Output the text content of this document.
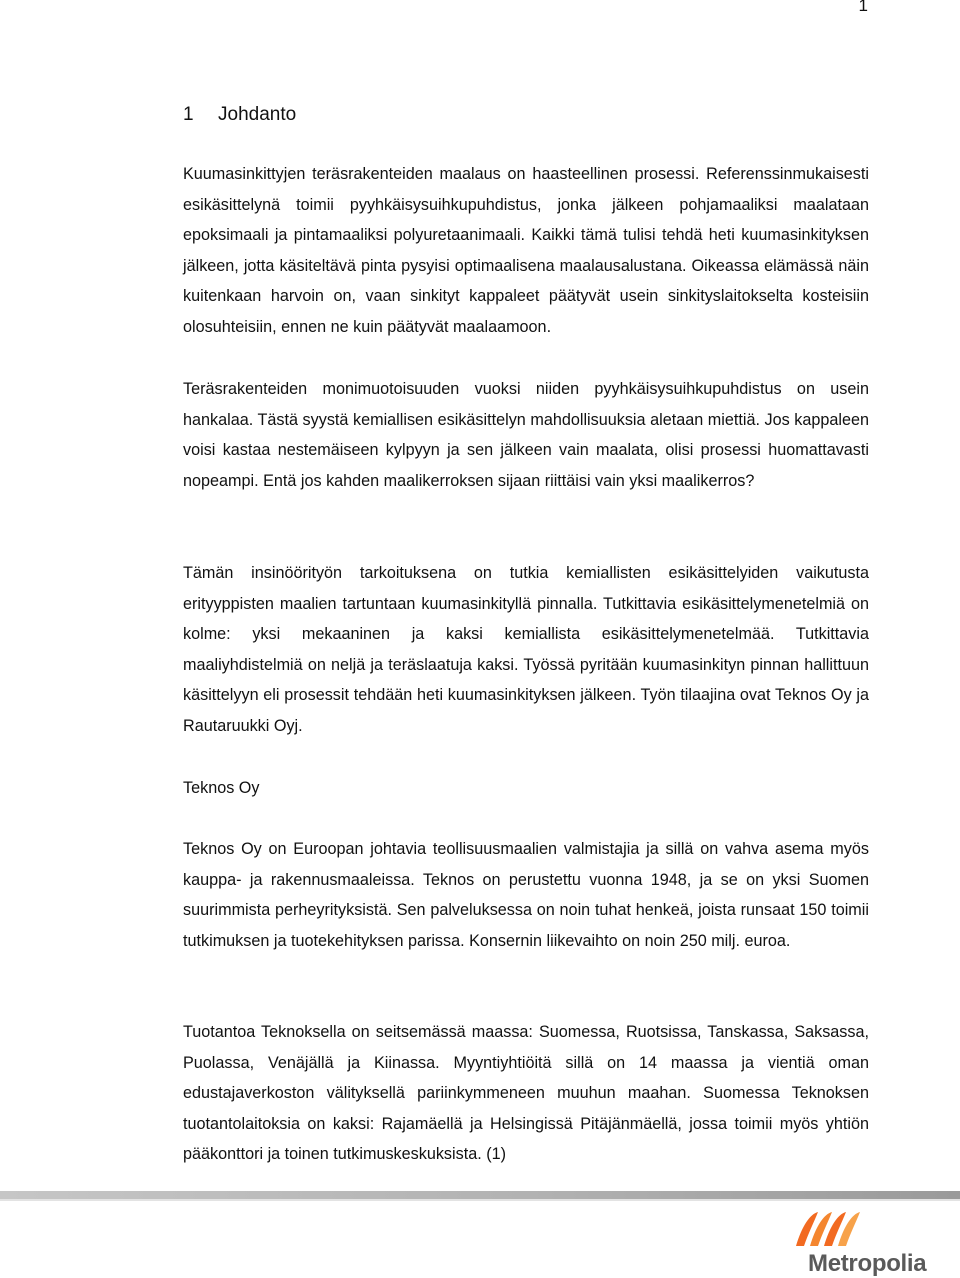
1
1 Johdanto

Kuumasinkittyjen teräsrakenteiden maalaus on haasteellinen prosessi. Referenssinmukaisesti esikäsittelynä toimii pyyhkäisysuihkupuhdistus, jonka jälkeen pohjamaaliksi maalataan epoksimaali ja pintamaaliksi polyuretaanimaali. Kaikki tämä tulisi tehdä heti kuumasinkityksen jälkeen, jotta käsiteltävä pinta pysyisi optimaalisena maalausalustana. Oikeassa elämässä näin kuitenkaan harvoin on, vaan sinkityt kappaleet päätyvät usein sinkityslaitokselta kosteisiin olosuhteisiin, ennen ne kuin päätyvät maalaamoon.

Teräsrakenteiden monimuotoisuuden vuoksi niiden pyyhkäisysuihkupuhdistus on usein hankalaa. Tästä syystä kemiallisen esikäsittelyn mahdollisuuksia aletaan miettiä. Jos kappaleen voisi kastaa nestemäiseen kylpyyn ja sen jälkeen vain maalata, olisi prosessi huomattavasti nopeampi. Entä jos kahden maalikerroksen sijaan riittäisi vain yksi maalikerros?

Tämän insinöörityön tarkoituksena on tutkia kemiallisten esikäsittelyiden vaikutusta erityyppisten maalien tartuntaan kuumasinkityllä pinnalla. Tutkittavia esikäsittelymenetelmiä on kolme: yksi mekaaninen ja kaksi kemiallista esikäsittelymenetelmää. Tutkittavia maaliyhdistelmiä on neljä ja teräslaatuja kaksi. Työssä pyritään kuumasinkityn pinnan hallittuun käsittelyyn eli prosessit tehdään heti kuumasinkityksen jälkeen. Työn tilaajina ovat Teknos Oy ja Rautaruukki Oyj.

Teknos Oy

Teknos Oy on Euroopan johtavia teollisuusmaalien valmistajia ja sillä on vahva asema myös kauppa- ja rakennusmaaleissa. Teknos on perustettu vuonna 1948, ja se on yksi Suomen suurimmista perheyrityksistä. Sen palveluksessa on noin tuhat henkeä, joista runsaat 150 toimii tutkimuksen ja tuotekehityksen parissa. Konsernin liikevaihto on noin 250 milj. euroa.

Tuotantoa Teknoksella on seitsemässä maassa: Suomessa, Ruotsissa, Tanskassa, Saksassa, Puolassa, Venäjällä ja Kiinassa. Myyntiyhtiöitä sillä on 14 maassa ja vientiä oman edustajaverkoston välityksellä pariinkymmeneen muuhun maahan. Suomessa Teknoksen tuotantolaitoksia on kaksi: Rajamäellä ja Helsingissä Pitäjänmäellä, jossa toimii myös yhtiön pääkonttori ja toinen tutkimuskeskuksista. (1)

Metropolia
